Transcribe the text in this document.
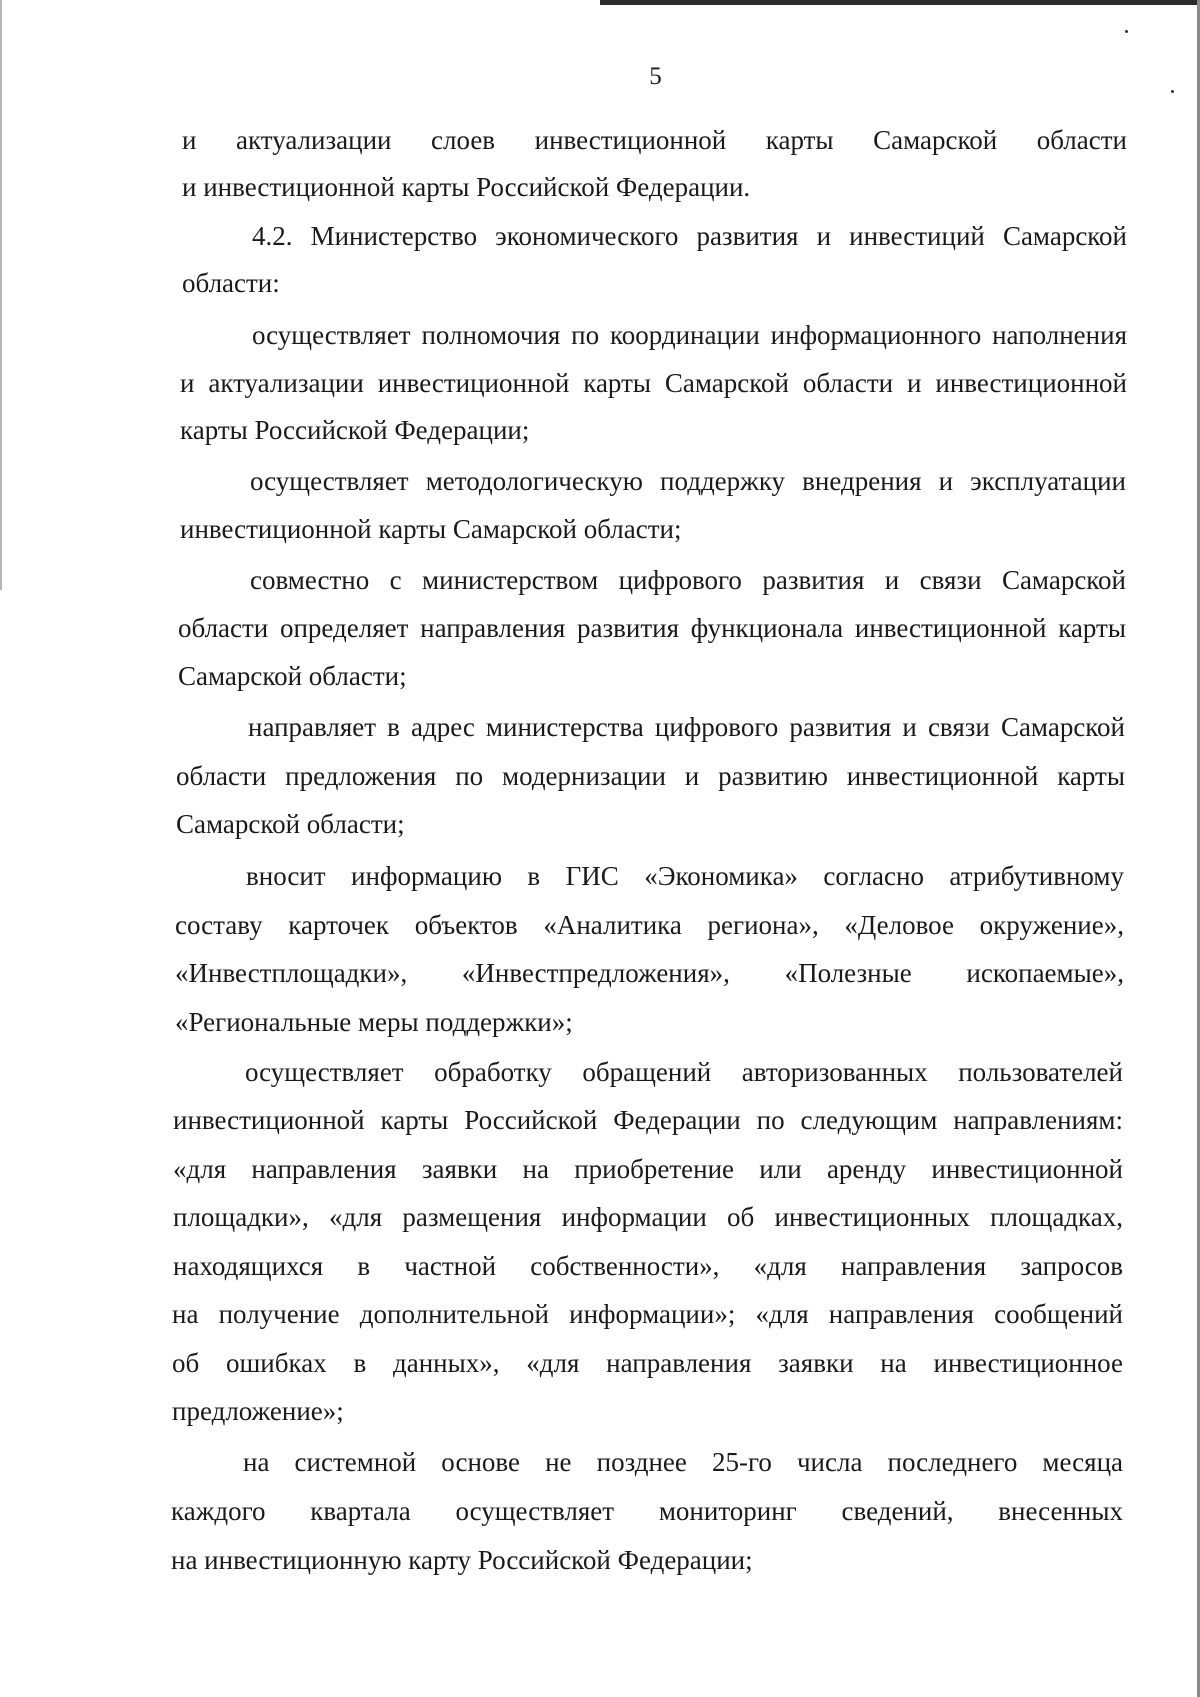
5
и актуализации слоев инвестиционной карты Самарской области
и инвестиционной карты Российской Федерации.
4.2. Министерство экономического развития и инвестиций Самарской
области:
осуществляет полномочия по координации информационного наполнения
и актуализации инвестиционной карты Самарской области и инвестиционной
карты Российской Федерации;
осуществляет методологическую поддержку внедрения и эксплуатации
инвестиционной карты Самарской области;
совместно с министерством цифрового развития и связи Самарской
области определяет направления развития функционала инвестиционной карты
Самарской области;
направляет в адрес министерства цифрового развития и связи Самарской
области предложения по модернизации и развитию инвестиционной карты
Самарской области;
вносит информацию в ГИС «Экономика» согласно атрибутивному
составу карточек объектов «Аналитика региона», «Деловое окружение»,
«Инвестплощадки», «Инвестпредложения», «Полезные ископаемые»,
«Региональные меры поддержки»;
осуществляет обработку обращений авторизованных пользователей
инвестиционной карты Российской Федерации по следующим направлениям:
«для направления заявки на приобретение или аренду инвестиционной
площадки», «для размещения информации об инвестиционных площадках,
находящихся в частной собственности», «для направления запросов
на получение дополнительной информации»; «для направления сообщений
об ошибках в данных», «для направления заявки на инвестиционное
предложение»;
на системной основе не позднее 25-го числа последнего месяца
каждого квартала осуществляет мониторинг сведений, внесенных
на инвестиционную карту Российской Федерации;
